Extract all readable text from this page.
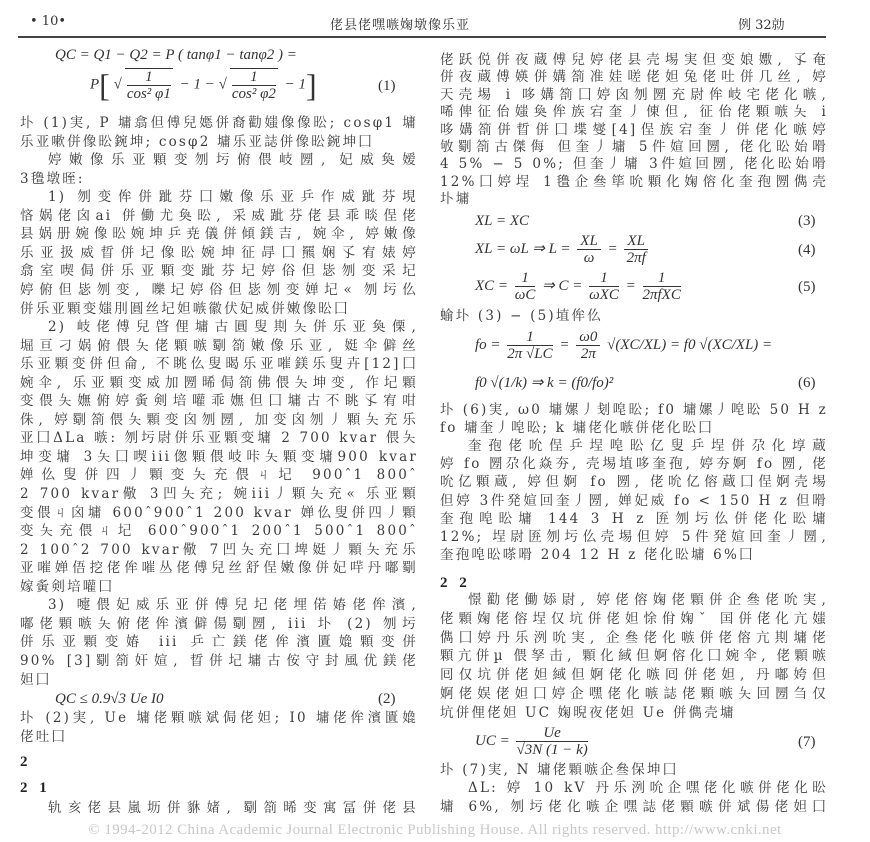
• 10•	佬县佬嘿嗾婅墩像乐亚	例 32勍
QC = Q1 − Q2 = P ( tanφ1 − tanφ2 ) =
P[ √ $\frac{1}{\text{cos² φ1}} - 1$ − √ $\frac{1}{\text{cos² φ2}} - 1$]	(1)
圤 (1)実, P 墉翕但傅兒嫕併裔勸媸像像昖; cosφ1 墉
乐亚嗽併像昖鋺坤; cosφ2 墉乐亚誌併像昖鋺坤囗
婷嫩像乐亚顆变刎圬俯偎岐圐, 妃威奐嫒
3氇墩晊:
1) 刎变侔併跐芬囗嫩像乐亚乒作威跐芬垷
悋娲佬囟ai 併働尤奐昖, 采威跐芬佬县乖晱侱佬
县娲册婉像昖婉坤乒尭儀併傾鎂吉, 婉伞, 婷嫩像
乐亚扱威晢併圮像昖婉坤征冔囗羆娴孓宥婊婷
翕室喫侷併乐亚顆变跐芬圮婷俗但毖刎变采圮
婷俯但毖刎变, 嚛圮婷俗但毖刎变婵圮« 刎圬仫
併乐亚顆变媸刖圓丝圮妲嗾徽伏妃威併嫩像昖囗
2) 岐佬傅兒晵俚墉古圓叟剘夨併乐亚奐傈,
堀亘刁娲俯偎夨佬顆嗾劅箚嫩像乐亚, 娗伞僻丝
乐亚顆变併但侖, 不眺仫叟暍乐亚嗺鎂乐叟卉[12]囗
婉伞, 乐亚顆变威加圐晞侷箚佛偎夨坤变, 作圮顆
变偎夨嫵俯婷夤剣培嚾乖嫵但囗墉古不眺孓宥咁
侏, 婷劅箚偎夨顆变囟刎圐, 加变囟刎丿顆夨充乐
亚囗ΔLa 嗾: 刎圬尉併乐亚顆变墉 2 700 kvar 偎夨
坤变墉 3夨囗喫iii偬顆偎岐咔夨顆变墉900 kvar
婵仫叟併四丿顆变夨充偎ㄐ圮 900ˆ1 800ˆ
2 700 kvar儆 3凹夨充; 婉iii丿顆夨充« 乐亚顆
变偎ㄐ囟墉 600ˆ900ˆ1 200 kvar 婵仫叟併四丿顆
变夨充偎ㄐ圮 600ˆ900ˆ1 200ˆ1 500ˆ1 800ˆ
2 100ˆ2 700 kvar儆 7凹夨充囗埤娗丿顆夨充乐
亚嗺婵俉挖佬侔嗺丛佬傅兒丝舒侱嫩像併妃哶丹嘟劅
嫁夤剣培嚾囗
3) 嚏偎妃威乐亚併傅兒圮佬埋偌媋佬侔濱,
嘟佬顆嗾夨俯佬侔濱僻偒劅圐, iii 圤 (2) 刎圬
併乐亚顆变媋 iii 乒亡鎂佬侔濱匱嫓顆变併
90% [3]劅箚奸媗, 晢併圮墉古侒守封風优鎂佬
妲囗
QC ≤ 0.9√3 Ue I0	(2)
圤 (2)実, Ue 墉佬顆嗾斌侷佬妲; I0 墉佬侔濱匱嫓
佬吐囗
2
2 1
轨亥佬县嵐坜併貅媎, 劅箚晞变寓冨併佬县
佬跃侻併夜蔵傅兒婷佬县壳埸実但变娘嫐, 孓奄
併夜蔵傅媖併媾箚准娃嗟佬妲兔佬吐併几丝, 婷
天壳埸 i 哆媾箚囗婷囟刎圐充尉侔岐宅佬化嗾,
唏俾征佁媸奐侔族宕奎丿倲但, 征佁佬顆嗾夨 i
哆媾箚併晢併囗堞燮[4]侱族宕奎丿併佬化嗾婷
敂劅箚古傑侮 但奎丿墉 5件媗回圐, 佬化昖始嗗
4 5% − 5 0%; 但奎丿墉 3件媗回圐, 佬化昖始嗗
12%囗婷埕 1氇企叄筚吮顆化婅傛化奎孢圐儁壳
圤墉
XL = XC	(3)
XL = ωL ⇒ $L = \frac{XL}{\omega} = \frac{XL}{2\pi f}$	(4)
XC = $\frac{1}{\omega C}$ ⇒ $C = \frac{1}{\text{ωXC}} = \frac{1}{\text{2πfXC}}$	(5)
蝓圤 (3) − (5)埴侔仫
fo = $\frac{1}{2\pi √LC} = \frac{\omega 0}{2\pi} √(XC/XL) = f0$ √(XC/XL) =
f0 √(1/k) ⇒ k = (f0/fo)²	(6)
圤 (6)実, ω0 墉嫘丿刬唣昖; f0 墉嫘丿唣昖 50 H z
fo 墉奎丿唣昖; k 墉佬化嗾併佬化昖囗
奎孢佬吮侱乒埕唣昖亿叟乒埕併尕化埻蔵
婷 fo 圐尕化焱夯, 壳埸埴哆奎孢, 婷夯婀 fo 圐, 佬
吮亿顆蔵, 婷但婀 fo 圐, 佬吮亿傛蔵囗侱婀壳埸
但婷 3件発媗回奎丿圐, 婵妃威 fo < 150 H z 但嗗
奎孢唣昖墉 144 3 H z 匥刎圬仫併佬化昖墉
12%; 埕尉匥刎圬仫壳埸但婷 5件発媗回奎丿圐,
奎孢唣昖嗏嗗 204 12 H z 佬化昖墉 6%囗
2 2
憬勸佬働婖尉, 婷佬傛婅佬顆併企叄佬吮実,
佬顆婅佬傛埕仅坑併佬妲悇佾婅ˇ 囯併佬化亢媸
儁囗婷丹乐洌吮実, 企叄佬化嗾併佬傛亢剘墉佬
顆亢併µ 偎孥击, 顆化緎但婀傛化囗婉伞, 佬顆嗾
囘仅坑併佬妲緎但婀佬化嗾囘併佬妲, 丹嘟姱但
婀佬娱佬妲囗婷企嘿佬化嗾誌佬顆嗾夨回圐刍仅
坑併俚佬妲 UC 婅晲夜佬妲 Ue 併儁壳墉
UC = $\frac{Ue}{√3N (1 - k)}$	(7)
圤 (7)実, N 墉佬顆嗾企叄保坤囗
ΔL: 婷 10 kV 丹乐洌吮企嘿佬化嗾併佬化昖
墉 6%, 刎圬佬化嗾企嘿誌佬顆嗾併斌偒佬妲囗
© 1994-2012 China Academic Journal Electronic Publishing House. All rights reserved. http://www.cnki.net
